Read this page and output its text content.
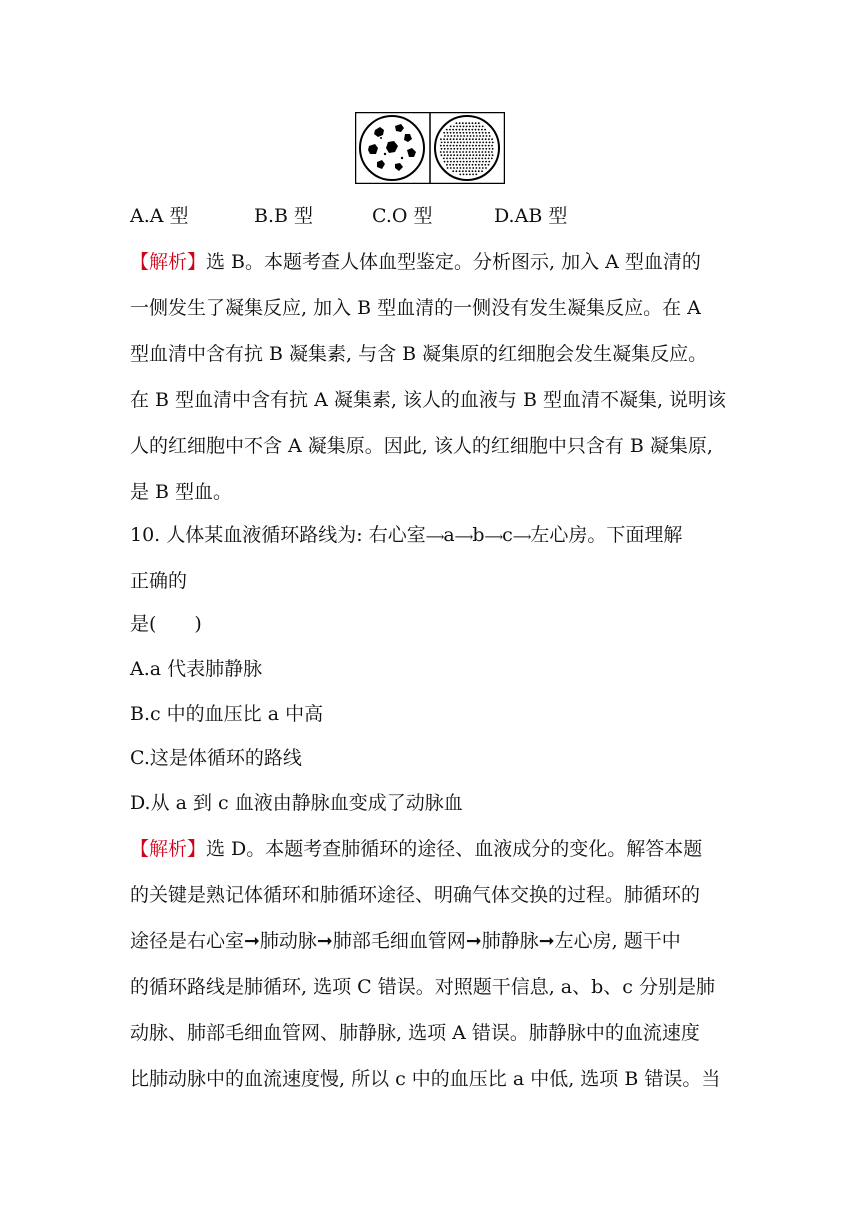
A.A 型	B.B 型	C.O 型	D.AB 型
【解析】选 B。本题考查人体血型鉴定。分析图示, 加入 A 型血清的
一侧发生了凝集反应, 加入 B 型血清的一侧没有发生凝集反应。在 A
型血清中含有抗 B 凝集素, 与含 B 凝集原的红细胞会发生凝集反应。
在 B 型血清中含有抗 A 凝集素, 该人的血液与 B 型血清不凝集, 说明该
人的红细胞中不含 A 凝集原。因此, 该人的红细胞中只含有 B 凝集原,
是 B 型血。
10. 人体某血液循环路线为: 右心室⟶a⟶b⟶c⟶左心房。下面理解
正确的
是(　　)
A.a 代表肺静脉
B.c 中的血压比 a 中高
C.这是体循环的路线
D.从 a 到 c 血液由静脉血变成了动脉血
【解析】选 D。本题考查肺循环的途径、血液成分的变化。解答本题
的关键是熟记体循环和肺循环途径、明确气体交换的过程。肺循环的
途径是右心室➞肺动脉➞肺部毛细血管网➞肺静脉➞左心房, 题干中
的循环路线是肺循环, 选项 C 错误。对照题干信息, a、b、c 分别是肺
动脉、肺部毛细血管网、肺静脉, 选项 A 错误。肺静脉中的血流速度
比肺动脉中的血流速度慢, 所以 c 中的血压比 a 中低, 选项 B 错误。当
